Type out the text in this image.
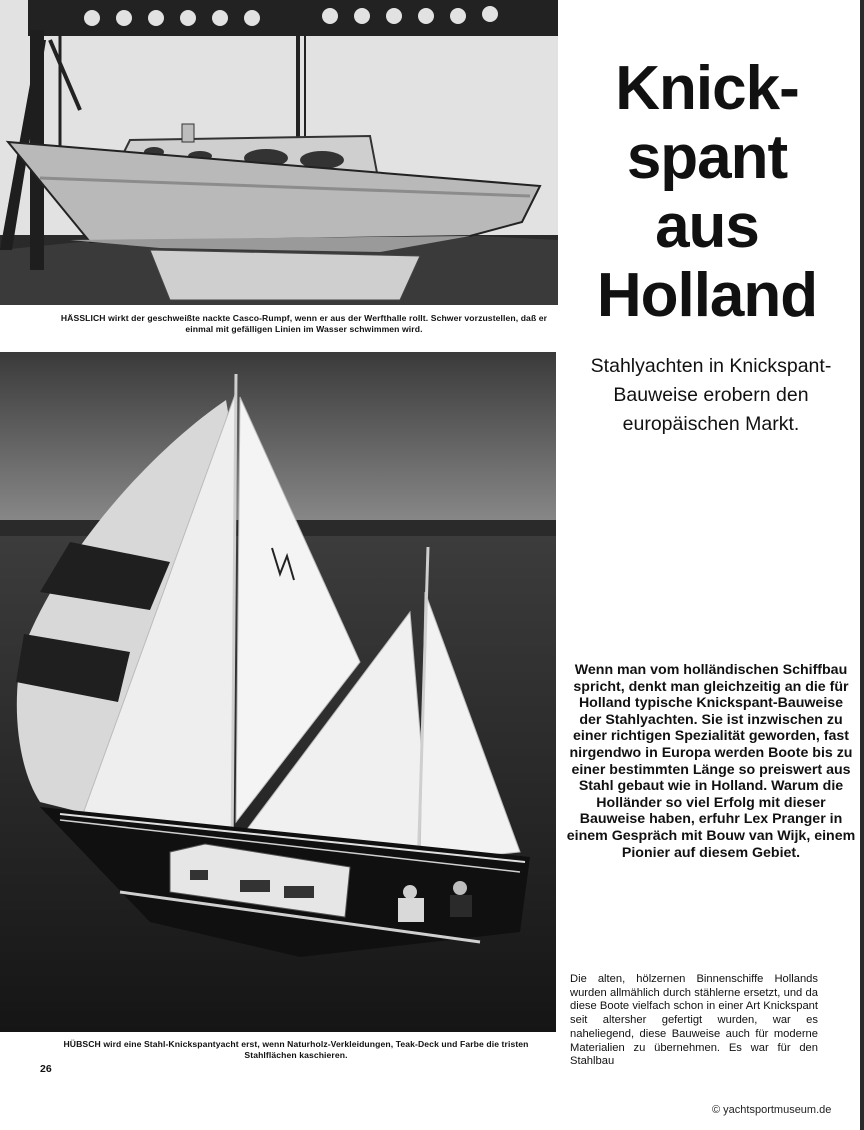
HÄSSLICH wirkt der geschweißte nackte Casco-Rumpf, wenn er aus der Werfthalle rollt. Schwer vorzustellen, daß er einmal mit gefälligen Linien im Wasser schwimmen wird.
Knick-spant aus Holland

Stahlyachten in Knickspant-Bauweise erobern den europäischen Markt.

HÜBSCH wird eine Stahl-Knickspantyacht erst, wenn Naturholz-Verkleidungen, Teak-Deck und Farbe die tristen Stahlflächen kaschieren.

Wenn man vom holländischen Schiffbau spricht, denkt man gleichzeitig an die für Holland typische Knickspant-Bauweise der Stahlyachten. Sie ist inzwischen zu einer richtigen Spezialität geworden, fast nirgendwo in Europa werden Boote bis zu einer bestimmten Länge so preiswert aus Stahl gebaut wie in Holland. Warum die Holländer so viel Erfolg mit dieser Bauweise haben, erfuhr Lex Pranger in einem Gespräch mit Bouw van Wijk, einem Pionier auf diesem Gebiet.

Die alten, hölzernen Binnenschiffe Hollands wurden allmählich durch stählerne ersetzt, und da diese Boote vielfach schon in einer Art Knickspant seit altersher gefertigt wurden, war es naheliegend, diese Bauweise auch für moderne Materialien zu übernehmen. Es war für den Stahlbau

26
© yachtsportmuseum.de
